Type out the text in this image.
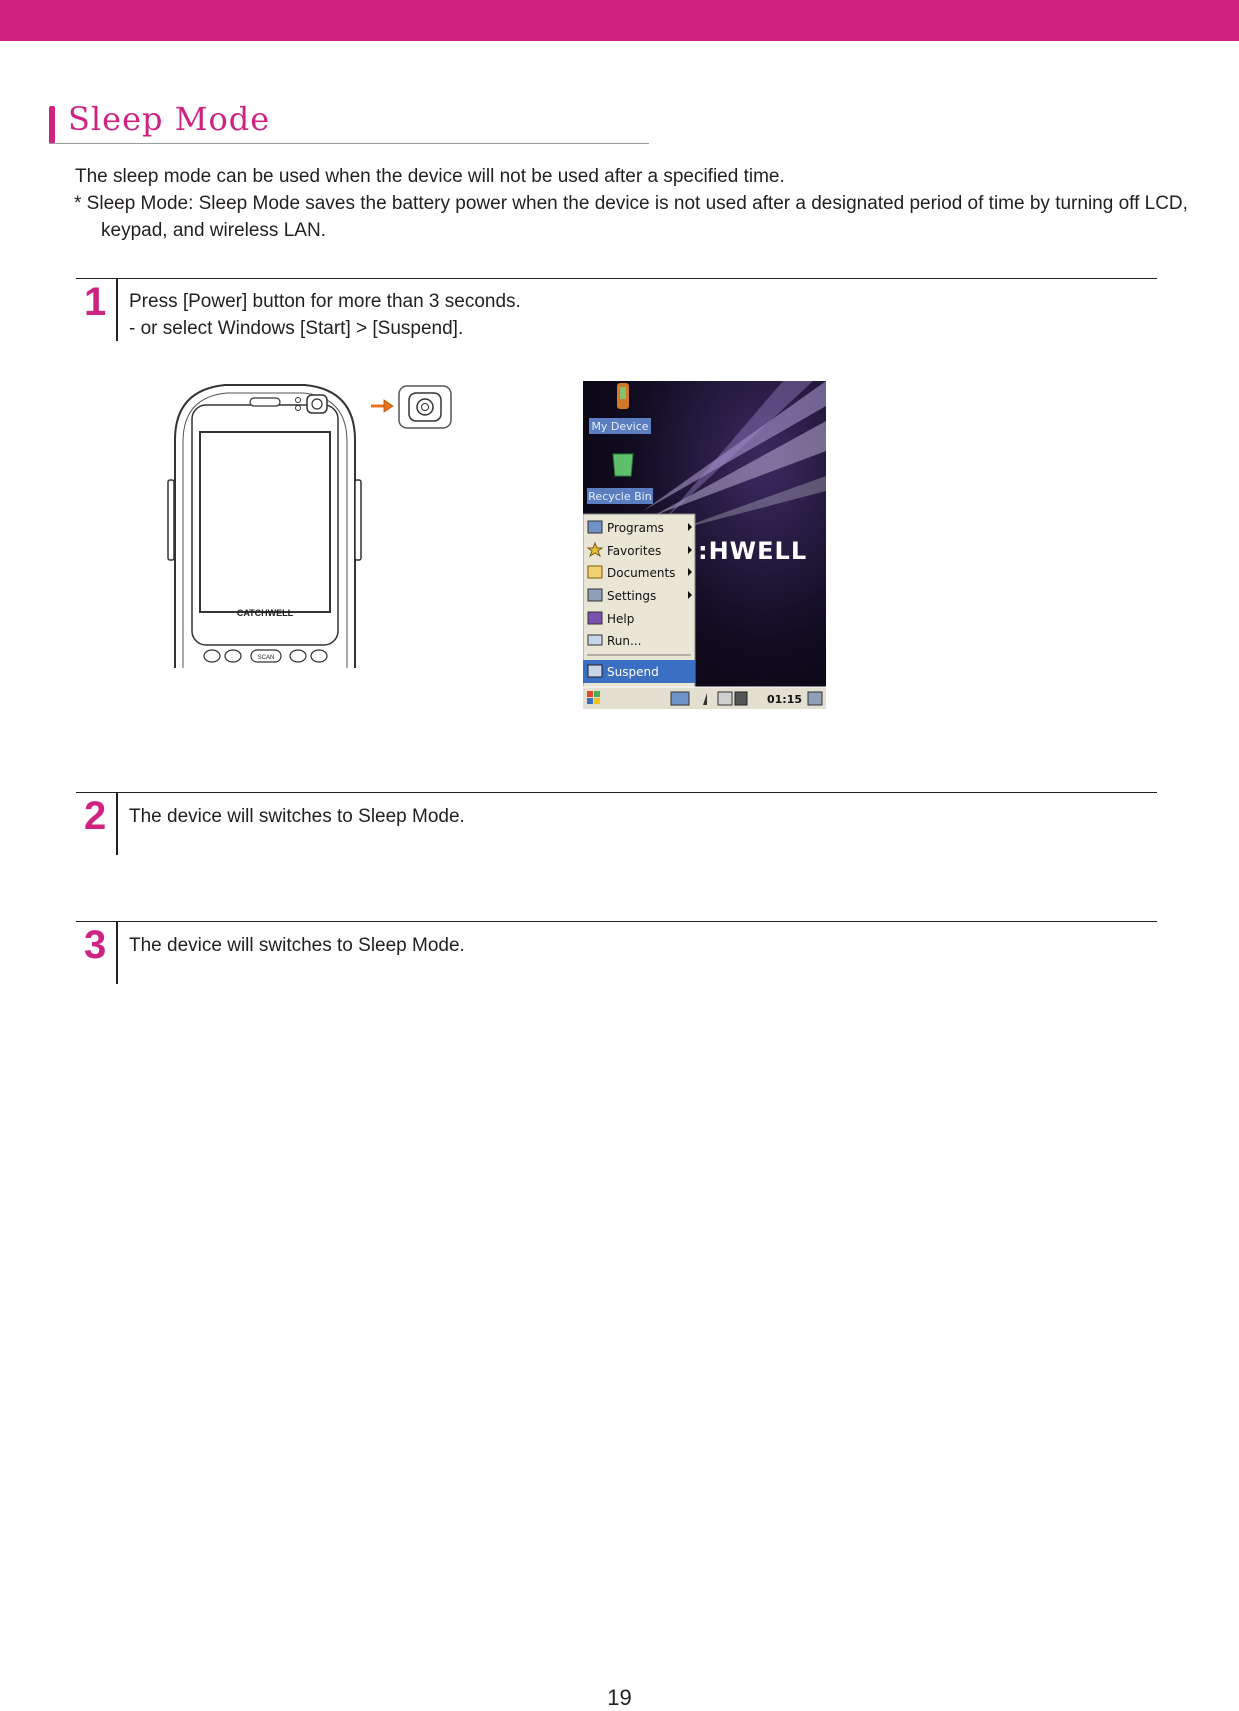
Sleep Mode

The sleep mode can be used when the device will not be used after a specified time.

* Sleep Mode: Sleep Mode saves the battery power when the device is not used after a designated period of time by turning off LCD, keypad, and wireless LAN.

1 Press [Power] button for more than 3 seconds.

- or select Windows [Start] > [Suspend].

CATCHWELL
SCAN
My Device
Recycle Bin
:HWELL
Programs
Favorites
Documents
Settings
Help
Run...
Suspend
01:15
2 The device will switches to Sleep Mode.

3 The device will switches to Sleep Mode.

19
